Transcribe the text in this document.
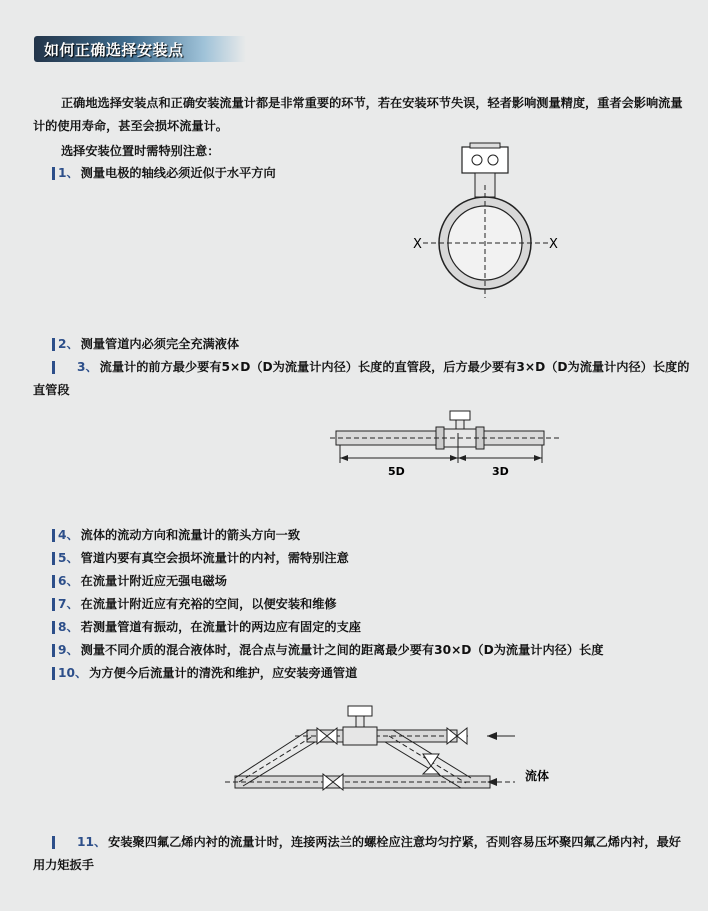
如何正确选择安装点
正确地选择安装点和正确安装流量计都是非常重要的环节，若在安装环节失误，轻者影响测量精度，重者会影响流量计的使用寿命，甚至会损坏流量计。
选择安装位置时需特别注意：
1、 测量电极的轴线必须近似于水平方向
X	X
2、 测量管道内必须完全充满液体
3、 流量计的前方最少要有5×D（D为流量计内径）长度的直管段，后方最少要有3×D（D为流量计内径）长度的直管段
5D	3D
4、 流体的流动方向和流量计的箭头方向一致
5、 管道内要有真空会损坏流量计的内衬，需特别注意
6、 在流量计附近应无强电磁场
7、 在流量计附近应有充裕的空间，以便安装和维修
8、 若测量管道有振动，在流量计的两边应有固定的支座
9、 测量不同介质的混合液体时，混合点与流量计之间的距离最少要有30×D（D为流量计内径）长度
10、 为方便今后流量计的清洗和维护，应安装旁通管道
流体
11、 安装聚四氟乙烯内衬的流量计时，连接两法兰的螺栓应注意均匀拧紧，否则容易压坏聚四氟乙烯内衬，最好用力矩扳手
